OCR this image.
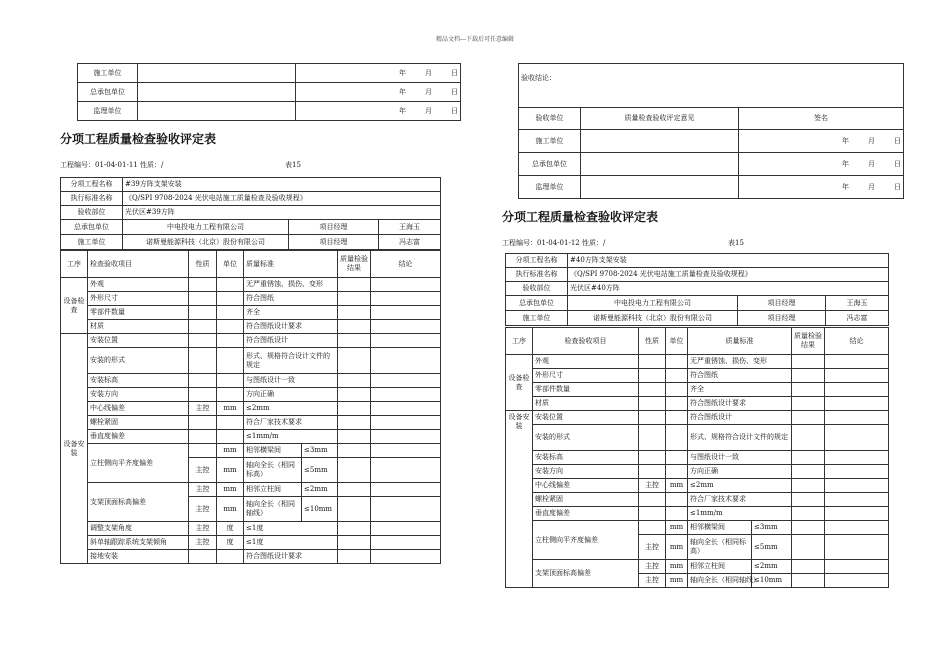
精品文档---下载后可任意编辑
施工单位		年 月 日
总承包单位		年 月 日
监理单位		年 月 日
分项工程质量检查验收评定表
工程编号：01-04-01-11 性质：/	表15
分项工程名称	#39方阵支架安装		
执行标准名称	《Q/SPI 9708-2024 光伏电站施工质量检查及验收规程》		
验收部位	光伏区#39方阵		
总承包单位	中电投电力工程有限公司	项目经理	王海玉
施工单位	诺斯曼能源科技（北京）股份有限公司	项目经理	冯志富
工序	检查验收项目	性质	单位	质量标准		质量检验结果	结论
设备检查	外观			无严重锈蚀、损伤、变形			
	外形尺寸			符合图纸			
	零部件数量			齐全			
	材质			符合图纸设计要求			
设备安装	安装位置			符合图纸设计			
	安装的形式			形式、规格符合设计文件的规定			
	安装标高			与图纸设计一致			
	安装方向			方向正确			
	中心线偏差	主控	mm	≤2mm			
	螺栓紧固			符合厂家技术要求			
	垂直度偏差			≤1mm/m			
	立柱侧向平齐度偏差		mm	相邻横梁间	≤3mm		
		主控	mm	轴向全长（相同标高）	≤5mm		
	支架顶面标高偏差	主控	mm	相邻立柱间	≤2mm		
		主控	mm	轴向全长（相同轴线）	≤10mm		
	调整支架角度	主控	度	≤1度			
	斜单轴跟踪系统支架倾角	主控	度	≤1度			
	接地安装			符合图纸设计要求			
验收结论：		
验收单位	质量检查验收评定意见	签名
施工单位		年 月 日
总承包单位		年 月 日
监理单位		年 月 日
分项工程质量检查验收评定表
工程编号：01-04-01-12 性质：/	表15
分项工程名称	#40方阵支架安装		
执行标准名称	《Q/SPI 9708-2024 光伏电站施工质量检查及验收规程》		
验收部位	光伏区#40方阵		
总承包单位	中电投电力工程有限公司	项目经理	王海玉
施工单位	诺斯曼能源科技（北京）股份有限公司	项目经理	冯志富
工序	检查验收项目	性质	单位	质量标准		质量检验结果	结论
设备检查	外观			无严重锈蚀、损伤、变形			
	外形尺寸			符合图纸			
	零部件数量			齐全			
	材质			符合图纸设计要求			
设备安装	安装位置			符合图纸设计			
	安装的形式			形式、规格符合设计文件的规定			
	安装标高			与图纸设计一致			
	安装方向			方向正确			
	中心线偏差	主控	mm	≤2mm			
	螺栓紧固			符合厂家技术要求			
	垂直度偏差			≤1mm/m			
	立柱侧向平齐度偏差		mm	相邻横梁间	≤3mm		
		主控	mm	轴向全长（相同标高）	≤5mm		
	支架顶面标高偏差	主控	mm	相邻立柱间	≤2mm		
		主控	mm	轴向全长（相同轴线）	≤10mm		
